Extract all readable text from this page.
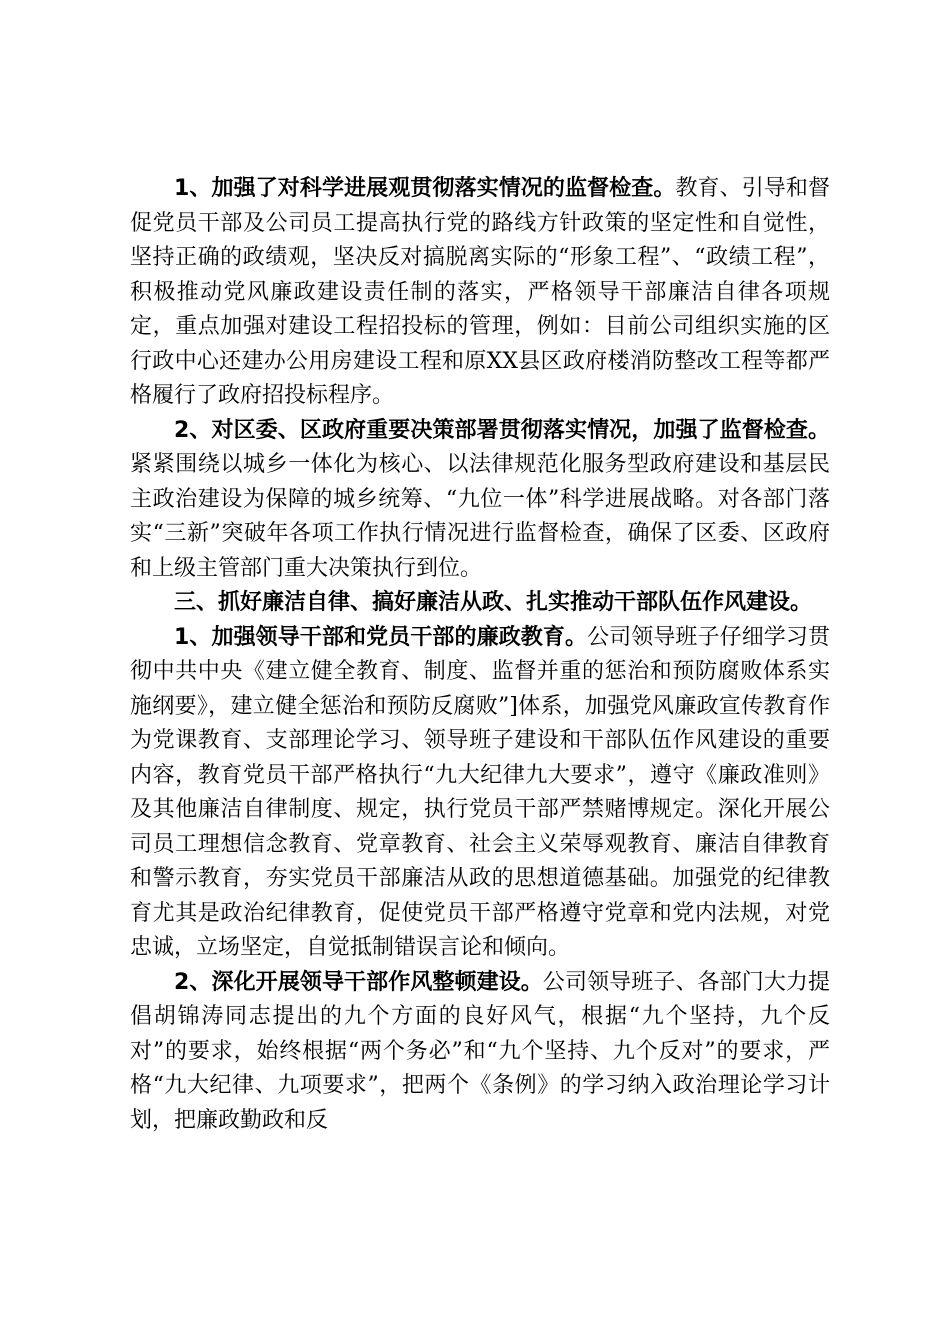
1、加强了对科学进展观贯彻落实情况的监督检查。教育、引导和督促党员干部及公司员工提高执行党的路线方针政策的坚定性和自觉性，坚持正确的政绩观，坚决反对搞脱离实际的“形象工程”、“政绩工程”，积极推动党风廉政建设责任制的落实，严格领导干部廉洁自律各项规定，重点加强对建设工程招投标的管理，例如：目前公司组织实施的区行政中心还建办公用房建设工程和原XX县区政府楼消防整改工程等都严格履行了政府招投标程序。

2、对区委、区政府重要决策部署贯彻落实情况，加强了监督检查。紧紧围绕以城乡一体化为核心、以法律规范化服务型政府建设和基层民主政治建设为保障的城乡统筹、“九位一体”科学进展战略。对各部门落实“三新”突破年各项工作执行情况进行监督检查，确保了区委、区政府和上级主管部门重大决策执行到位。

三、抓好廉洁自律、搞好廉洁从政、扎实推动干部队伍作风建设。

1、加强领导干部和党员干部的廉政教育。公司领导班子仔细学习贯彻中共中央《建立健全教育、制度、监督并重的惩治和预防腐败体系实施纲要》，建立健全惩治和预防反腐败”]体系，加强党风廉政宣传教育作为党课教育、支部理论学习、领导班子建设和干部队伍作风建设的重要内容，教育党员干部严格执行“九大纪律九大要求”，遵守《廉政准则》及其他廉洁自律制度、规定，执行党员干部严禁赌博规定。深化开展公司员工理想信念教育、党章教育、社会主义荣辱观教育、廉洁自律教育和警示教育，夯实党员干部廉洁从政的思想道德基础。加强党的纪律教育尤其是政治纪律教育，促使党员干部严格遵守党章和党内法规，对党忠诚，立场坚定，自觉抵制错误言论和倾向。

2、深化开展领导干部作风整顿建设。公司领导班子、各部门大力提倡胡锦涛同志提出的九个方面的良好风气，根据“九个坚持，九个反对”的要求，始终根据“两个务必”和“九个坚持、九个反对”的要求，严格“九大纪律、九项要求”，把两个《条例》的学习纳入政治理论学习计划，把廉政勤政和反
